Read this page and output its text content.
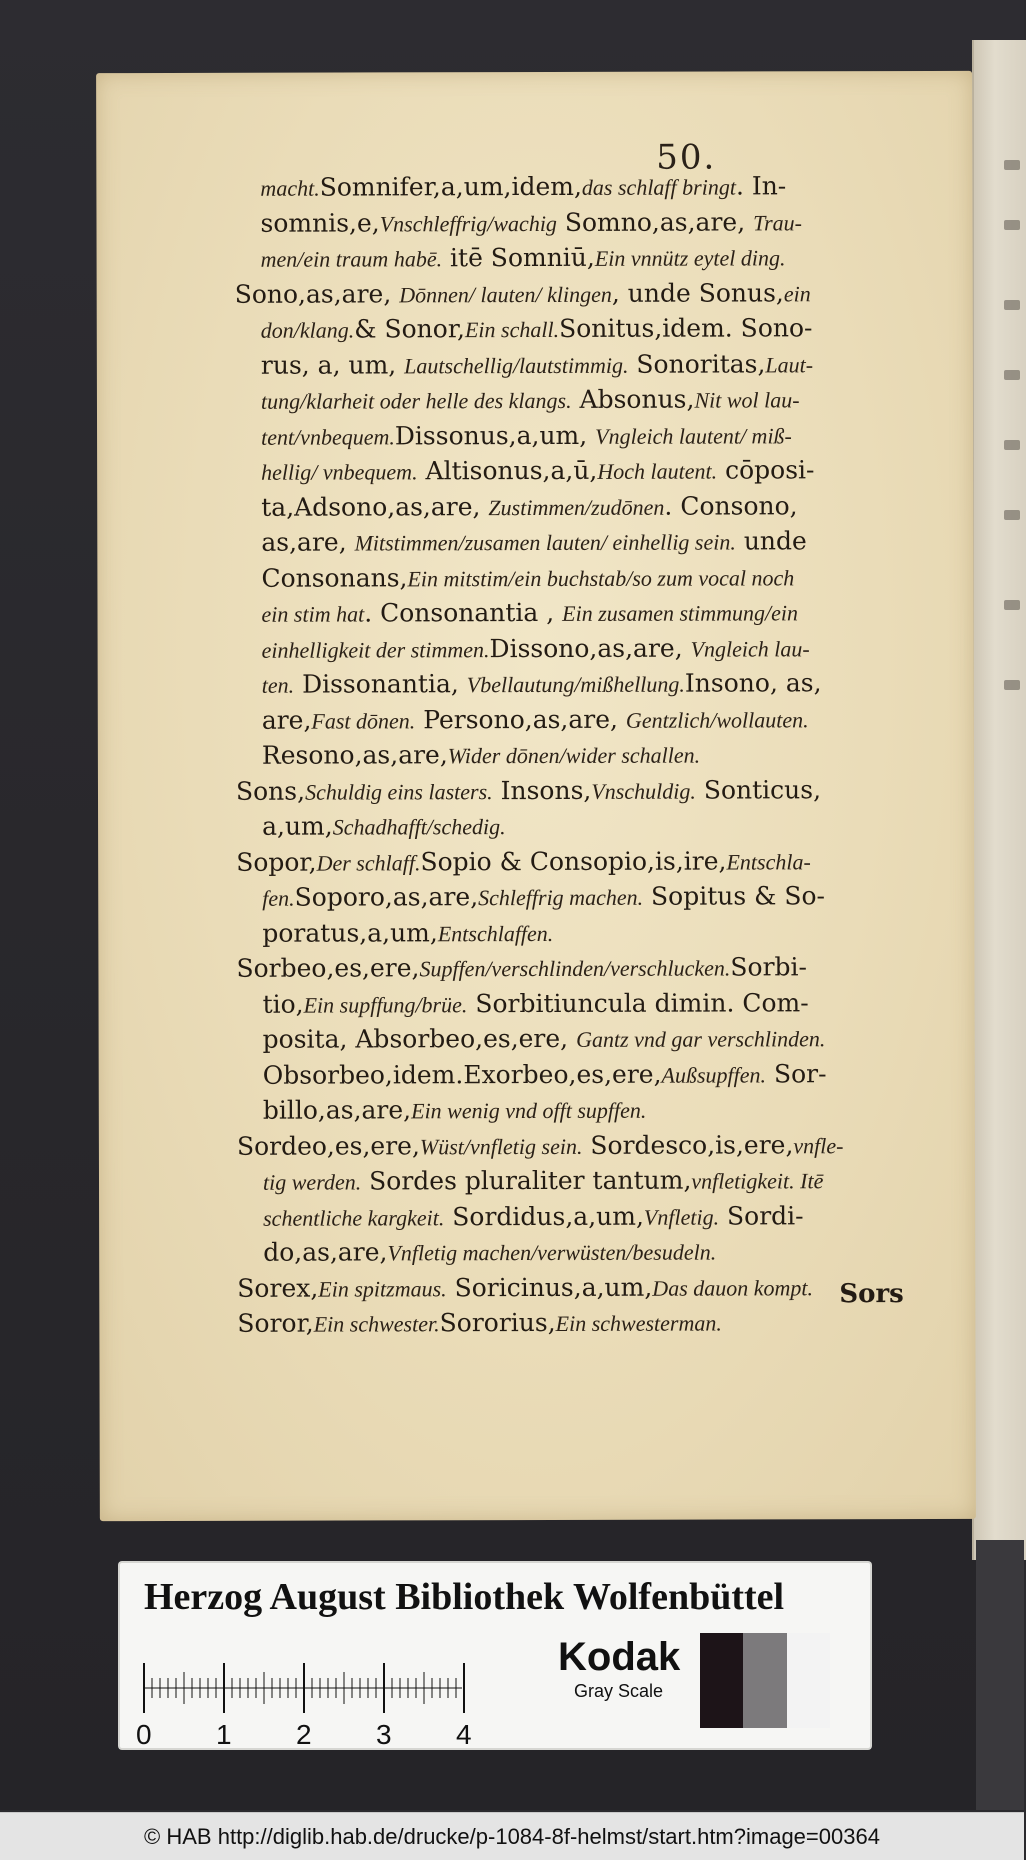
50.

macht.Somnifer,a,um,idem,das schlaff bringt. In-

somnis,e,Vnschleffrig/wachig Somno,as,are, Trau-

men/ein traum habē. itē Somniū,Ein vnnütz eytel ding.

Sono,as,are, Dōnnen/ lauten/ klingen, unde Sonus,ein

don/klang.& Sonor,Ein schall.Sonitus,idem. Sono-

rus, a, um, Lautschellig/lautstimmig. Sonoritas,Laut-

tung/klarheit oder helle des klangs. Absonus,Nit wol lau-

tent/vnbequem.Dissonus,a,um, Vngleich lautent/ miß-

hellig/ vnbequem. Altisonus,a,ū,Hoch lautent. cōposi-

ta,Adsono,as,are, Zustimmen/zudōnen. Consono,

as,are, Mitstimmen/zusamen lauten/ einhellig sein. unde

Consonans,Ein mitstim/ein buchstab/so zum vocal noch

ein stim hat. Consonantia , Ein zusamen stimmung/ein

einhelligkeit der stimmen.Dissono,as,are, Vngleich lau-

ten. Dissonantia, Vbellautung/mißhellung.Insono, as,

are,Fast dōnen. Persono,as,are, Gentzlich/wollauten.

Resono,as,are,Wider dōnen/wider schallen.

Sons,Schuldig eins lasters. Insons,Vnschuldig. Sonticus,

a,um,Schadhafft/schedig.

Sopor,Der schlaff.Sopio & Consopio,is,ire,Entschla-

fen.Soporo,as,are,Schleffrig machen. Sopitus & So-

poratus,a,um,Entschlaffen.

Sorbeo,es,ere,Supffen/verschlinden/verschlucken.Sorbi-

tio,Ein supffung/brüe. Sorbitiuncula dimin. Com-

posita, Absorbeo,es,ere, Gantz vnd gar verschlinden.

Obsorbeo,idem.Exorbeo,es,ere,Außsupffen. Sor-

billo,as,are,Ein wenig vnd offt supffen.

Sordeo,es,ere,Wüst/vnfletig sein. Sordesco,is,ere,vnfle-

tig werden. Sordes pluraliter tantum,vnfletigkeit. Itē

schentliche kargkeit. Sordidus,a,um,Vnfletig. Sordi-

do,as,are,Vnfletig machen/verwüsten/besudeln.

Sorex,Ein spitzmaus. Soricinus,a,um,Das dauon kompt.

Soror,Ein schwester.Sororius,Ein schwesterman.

Sors
Herzog August Bibliothek Wolfenbüttel
0 1 2 3 4
Kodak
Gray Scale
© HAB http://diglib.hab.de/drucke/p-1084-8f-helmst/start.htm?image=00364
